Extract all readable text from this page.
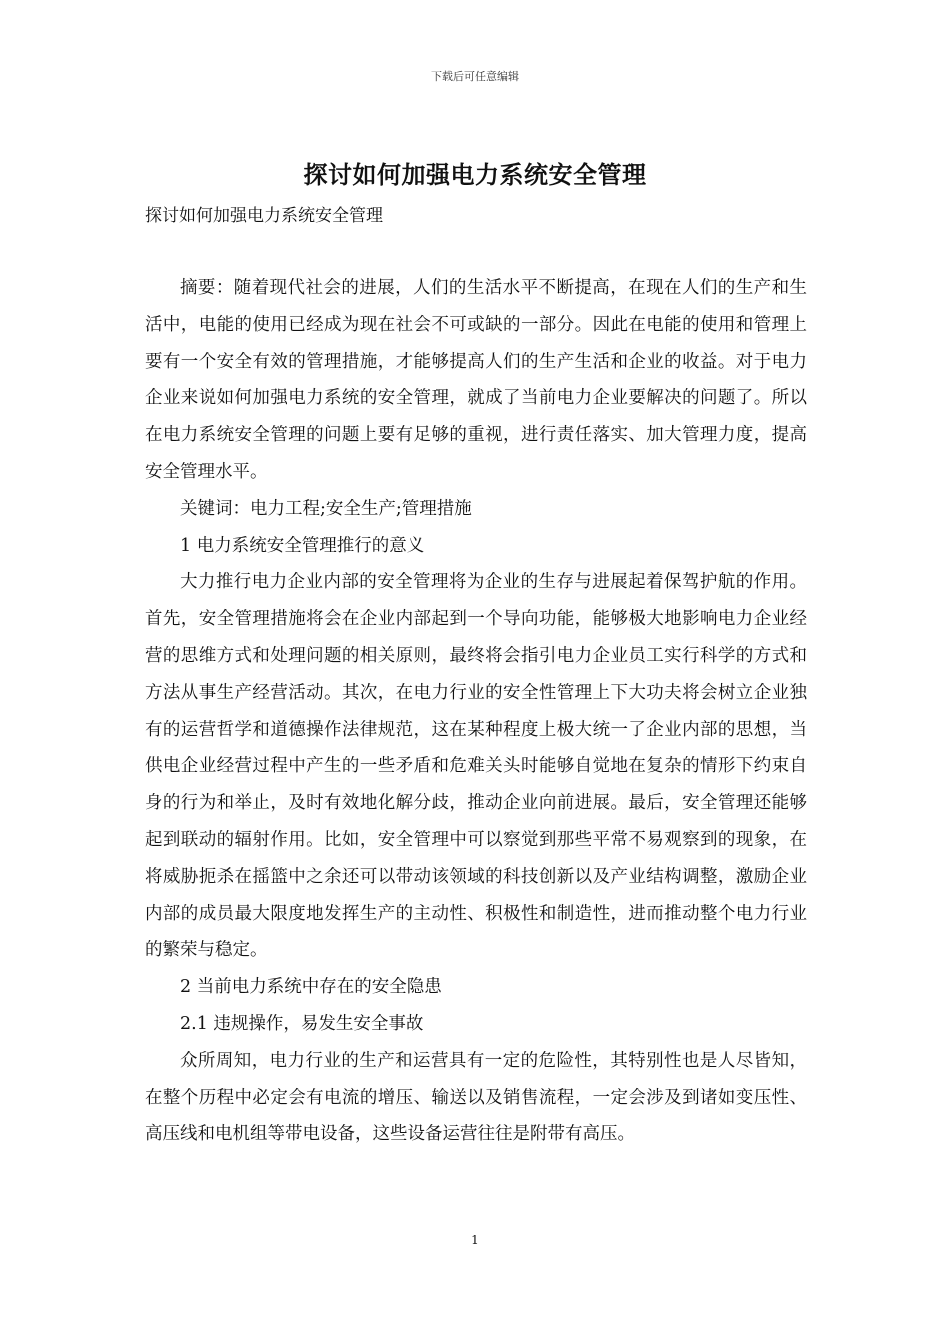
下载后可任意编辑
探讨如何加强电力系统安全管理
探讨如何加强电力系统安全管理

摘要：随着现代社会的进展，人们的生活水平不断提高，在现在人们的生产和生活中，电能的使用已经成为现在社会不可或缺的一部分。因此在电能的使用和管理上要有一个安全有效的管理措施，才能够提高人们的生产生活和企业的收益。对于电力企业来说如何加强电力系统的安全管理，就成了当前电力企业要解决的问题了。所以在电力系统安全管理的问题上要有足够的重视，进行责任落实、加大管理力度，提高安全管理水平。

关键词：电力工程;安全生产;管理措施

1 电力系统安全管理推行的意义

大力推行电力企业内部的安全管理将为企业的生存与进展起着保驾护航的作用。首先，安全管理措施将会在企业内部起到一个导向功能，能够极大地影响电力企业经营的思维方式和处理问题的相关原则，最终将会指引电力企业员工实行科学的方式和方法从事生产经营活动。其次，在电力行业的安全性管理上下大功夫将会树立企业独有的运营哲学和道德操作法律规范，这在某种程度上极大统一了企业内部的思想，当供电企业经营过程中产生的一些矛盾和危难关头时能够自觉地在复杂的情形下约束自身的行为和举止，及时有效地化解分歧，推动企业向前进展。最后，安全管理还能够起到联动的辐射作用。比如，安全管理中可以察觉到那些平常不易观察到的现象，在将威胁扼杀在摇篮中之余还可以带动该领域的科技创新以及产业结构调整，激励企业内部的成员最大限度地发挥生产的主动性、积极性和制造性，进而推动整个电力行业的繁荣与稳定。

2 当前电力系统中存在的安全隐患

2.1 违规操作，易发生安全事故

众所周知，电力行业的生产和运营具有一定的危险性，其特别性也是人尽皆知，在整个历程中必定会有电流的增压、输送以及销售流程，一定会涉及到诸如变压性、高压线和电机组等带电设备，这些设备运营往往是附带有高压。

1
